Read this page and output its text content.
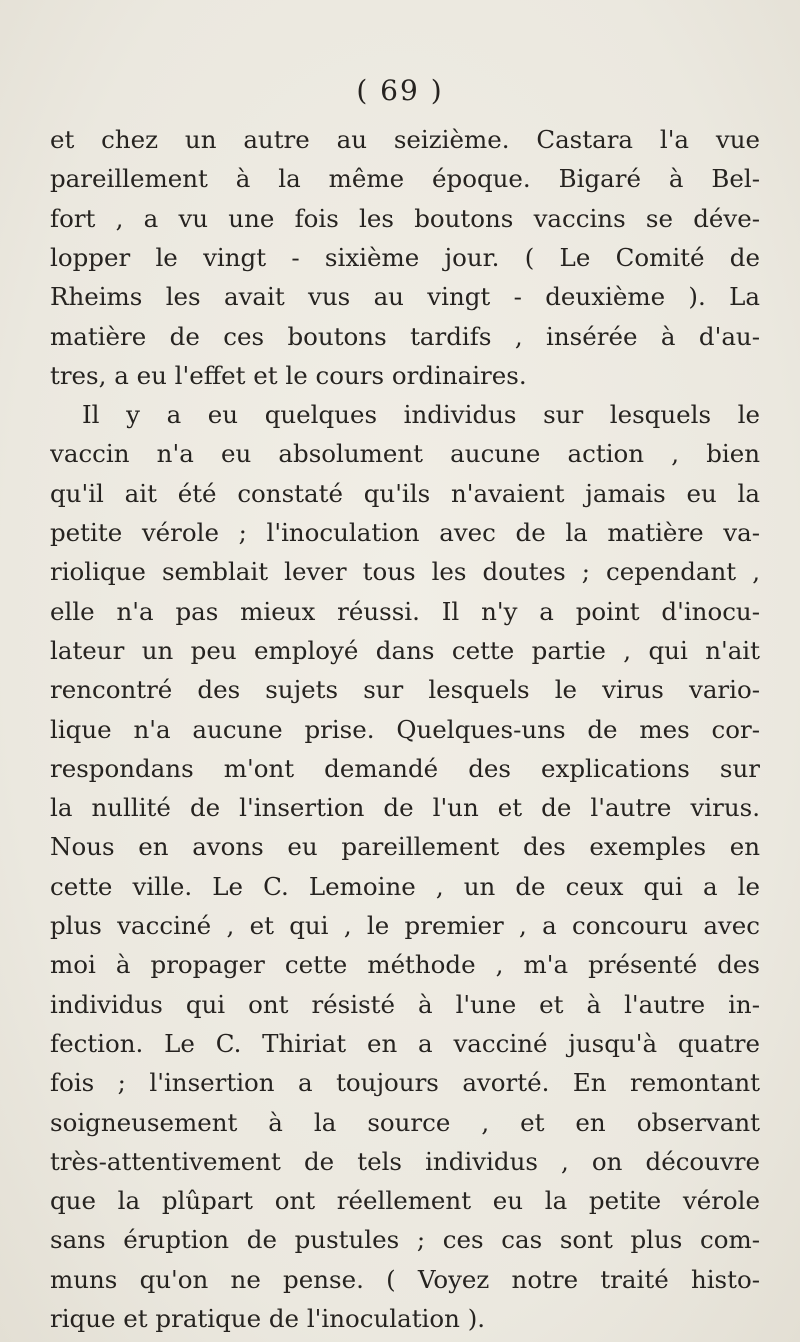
( 69 )

et chez un autre au seizième. Castara l'a vue

pareillement à la même époque. Bigaré à Bel-

fort , a vu une fois les boutons vaccins se déve-

lopper le vingt - sixième jour. ( Le Comité de

Rheims les avait vus au vingt - deuxième ). La

matière de ces boutons tardifs , insérée à d'au-

tres, a eu l'effet et le cours ordinaires.

Il y a eu quelques individus sur lesquels le

vaccin n'a eu absolument aucune action , bien

qu'il ait été constaté qu'ils n'avaient jamais eu la

petite vérole ; l'inoculation avec de la matière va-

riolique semblait lever tous les doutes ; cependant ,

elle n'a pas mieux réussi. Il n'y a point d'inocu-

lateur un peu employé dans cette partie , qui n'ait

rencontré des sujets sur lesquels le virus vario-

lique n'a aucune prise. Quelques-uns de mes cor-

respondans m'ont demandé des explications sur

la nullité de l'insertion de l'un et de l'autre virus.

Nous en avons eu pareillement des exemples en

cette ville. Le C. Lemoine , un de ceux qui a le

plus vacciné , et qui , le premier , a concouru avec

moi à propager cette méthode , m'a présenté des

individus qui ont résisté à l'une et à l'autre in-

fection. Le C. Thiriat en a vacciné jusqu'à quatre

fois ; l'insertion a toujours avorté. En remontant

soigneusement à la source , et en observant

très-attentivement de tels individus , on découvre

que la plûpart ont réellement eu la petite vérole

sans éruption de pustules ; ces cas sont plus com-

muns qu'on ne pense. ( Voyez notre traité histo-

rique et pratique de l'inoculation ).
